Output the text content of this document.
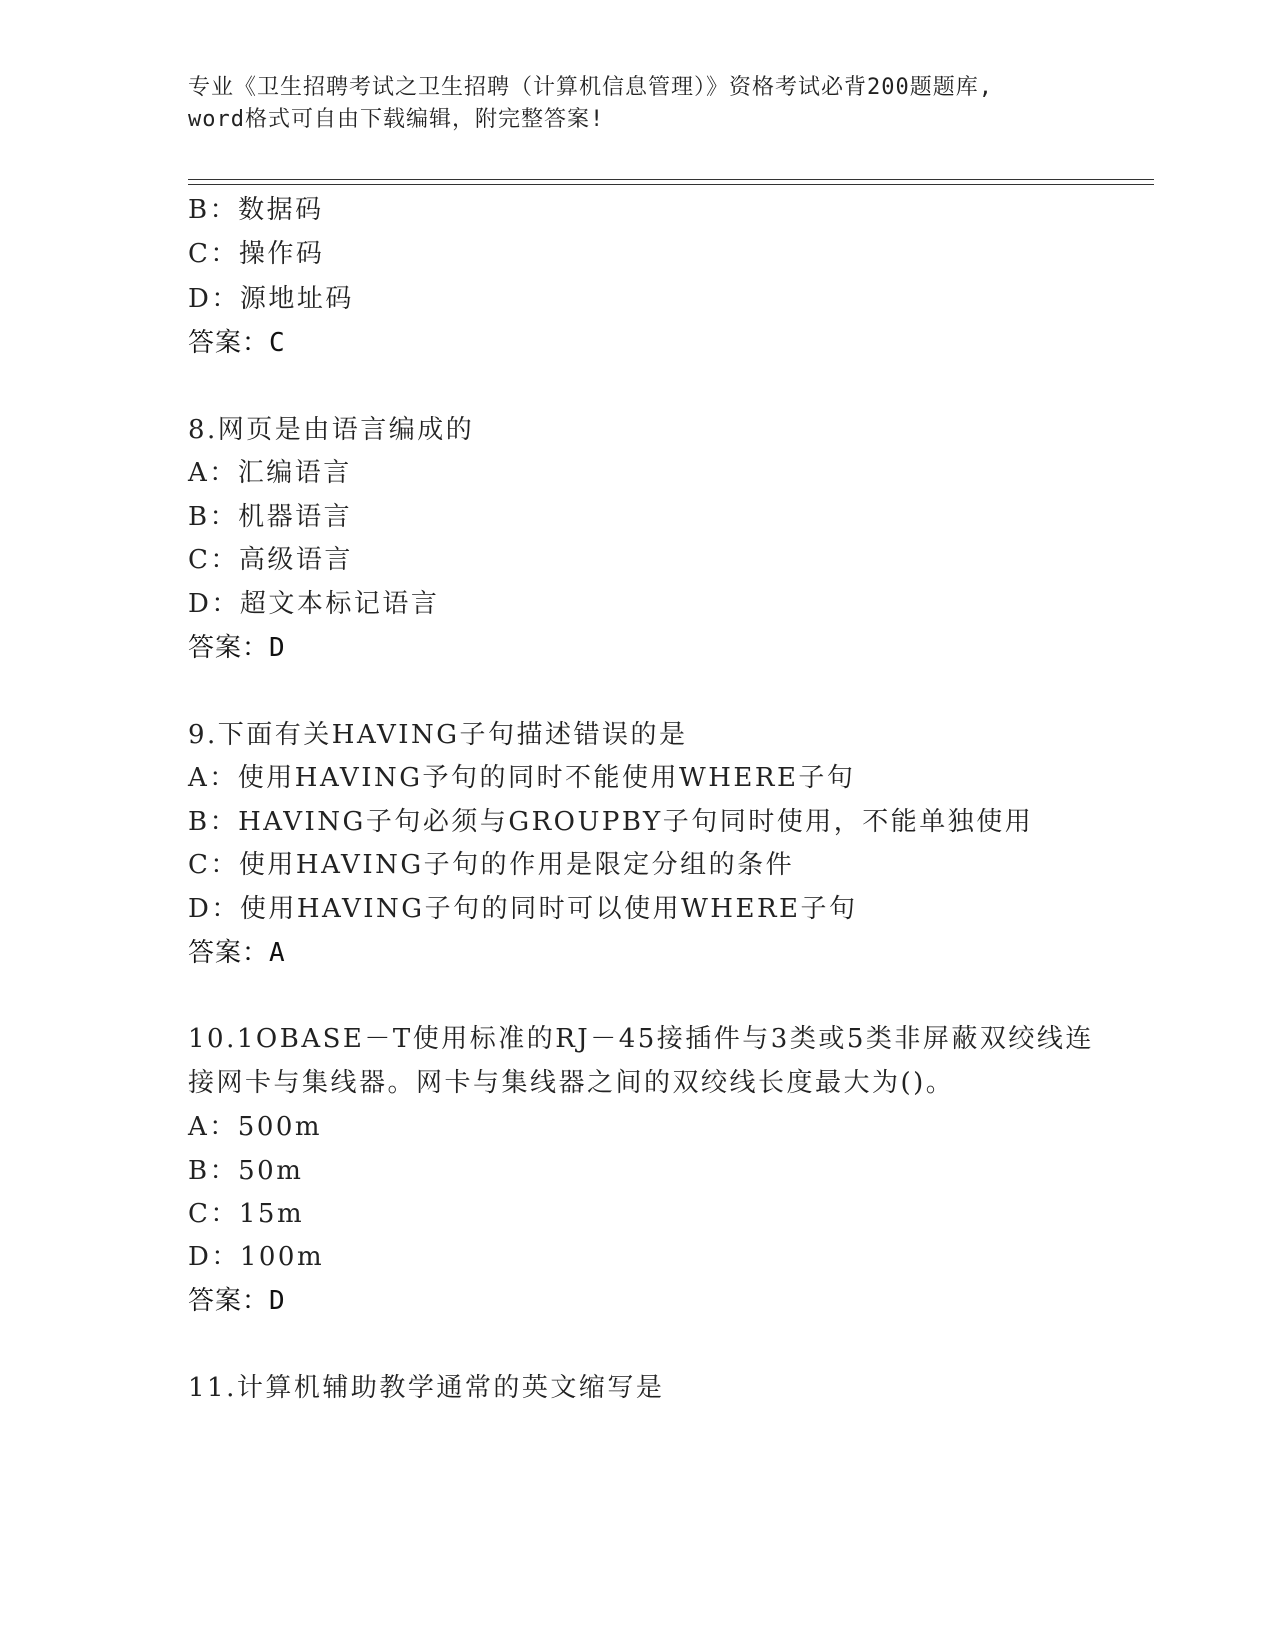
专业《卫生招聘考试之卫生招聘（计算机信息管理）》资格考试必背200题题库,
word格式可自由下载编辑，附完整答案!
B：数据码
C：操作码
D：源地址码
答案：C
8.网页是由语言编成的
A：汇编语言
B：机器语言
C：高级语言
D：超文本标记语言
答案：D
9.下面有关HAVING子句描述错误的是
A：使用HAVING予句的同时不能使用WHERE子句
B：HAVING子句必须与GROUPBY子句同时使用，不能单独使用
C：使用HAVING子句的作用是限定分组的条件
D：使用HAVING子句的同时可以使用WHERE子句
答案：A
10.1OBASE－T使用标准的RJ－45接插件与3类或5类非屏蔽双绞线连
接网卡与集线器。网卡与集线器之间的双绞线长度最大为()。
A：500m
B：50m
C：15m
D：100m
答案：D
11.计算机辅助教学通常的英文缩写是
